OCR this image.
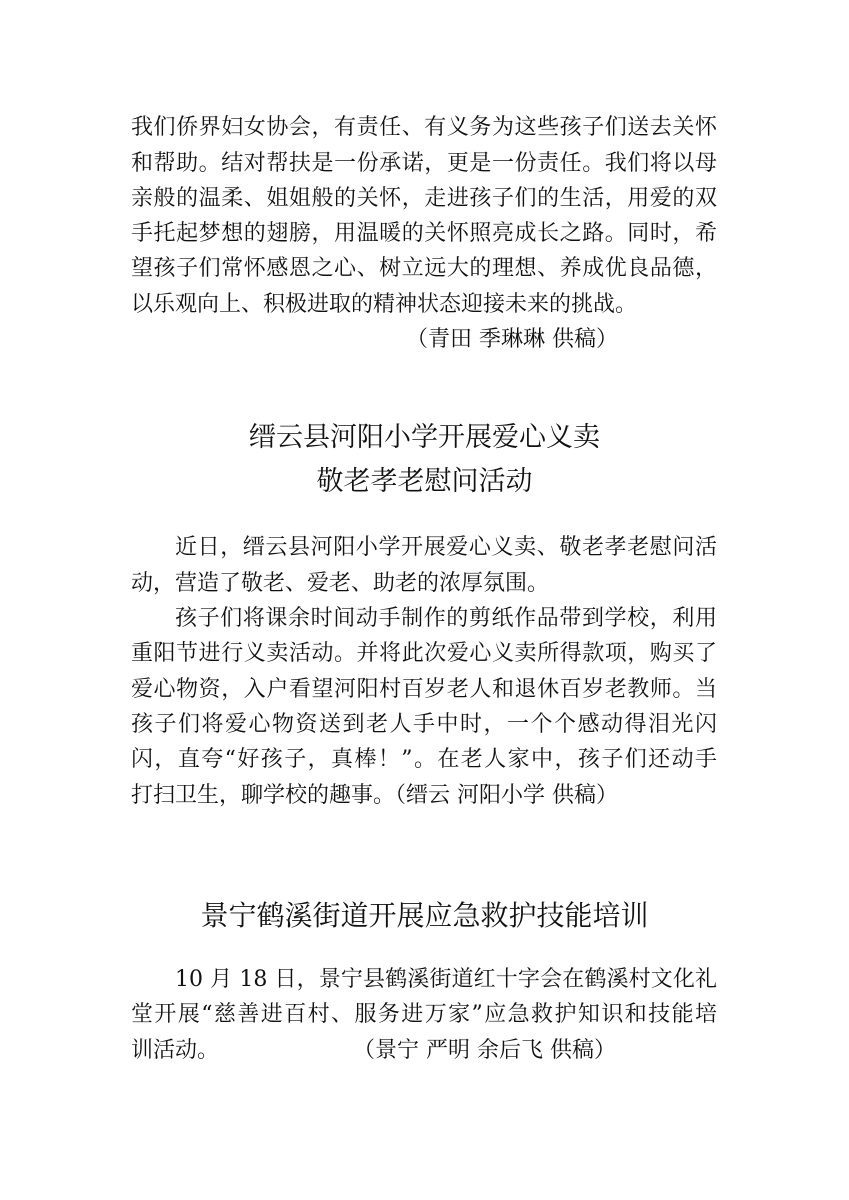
我们侨界妇女协会，有责任、有义务为这些孩子们送去关怀
和帮助。结对帮扶是一份承诺，更是一份责任。我们将以母
亲般的温柔、姐姐般的关怀，走进孩子们的生活，用爱的双
手托起梦想的翅膀，用温暖的关怀照亮成长之路。同时，希
望孩子们常怀感恩之心、树立远大的理想、养成优良品德，
以乐观向上、积极进取的精神状态迎接未来的挑战。
（青田 季琳琳 供稿）
缙云县河阳小学开展爱心义卖
敬老孝老慰问活动
近日，缙云县河阳小学开展爱心义卖、敬老孝老慰问活
动，营造了敬老、爱老、助老的浓厚氛围。
孩子们将课余时间动手制作的剪纸作品带到学校，利用
重阳节进行义卖活动。并将此次爱心义卖所得款项，购买了
爱心物资，入户看望河阳村百岁老人和退休百岁老教师。当
孩子们将爱心物资送到老人手中时，一个个感动得泪光闪
闪，直夸“好孩子，真棒！”。在老人家中，孩子们还动手
打扫卫生，聊学校的趣事。（缙云 河阳小学 供稿）
景宁鹤溪街道开展应急救护技能培训
10 月 18 日，景宁县鹤溪街道红十字会在鹤溪村文化礼
堂开展“慈善进百村、服务进万家”应急救护知识和技能培
训活动。	（景宁 严明 余后飞 供稿）
